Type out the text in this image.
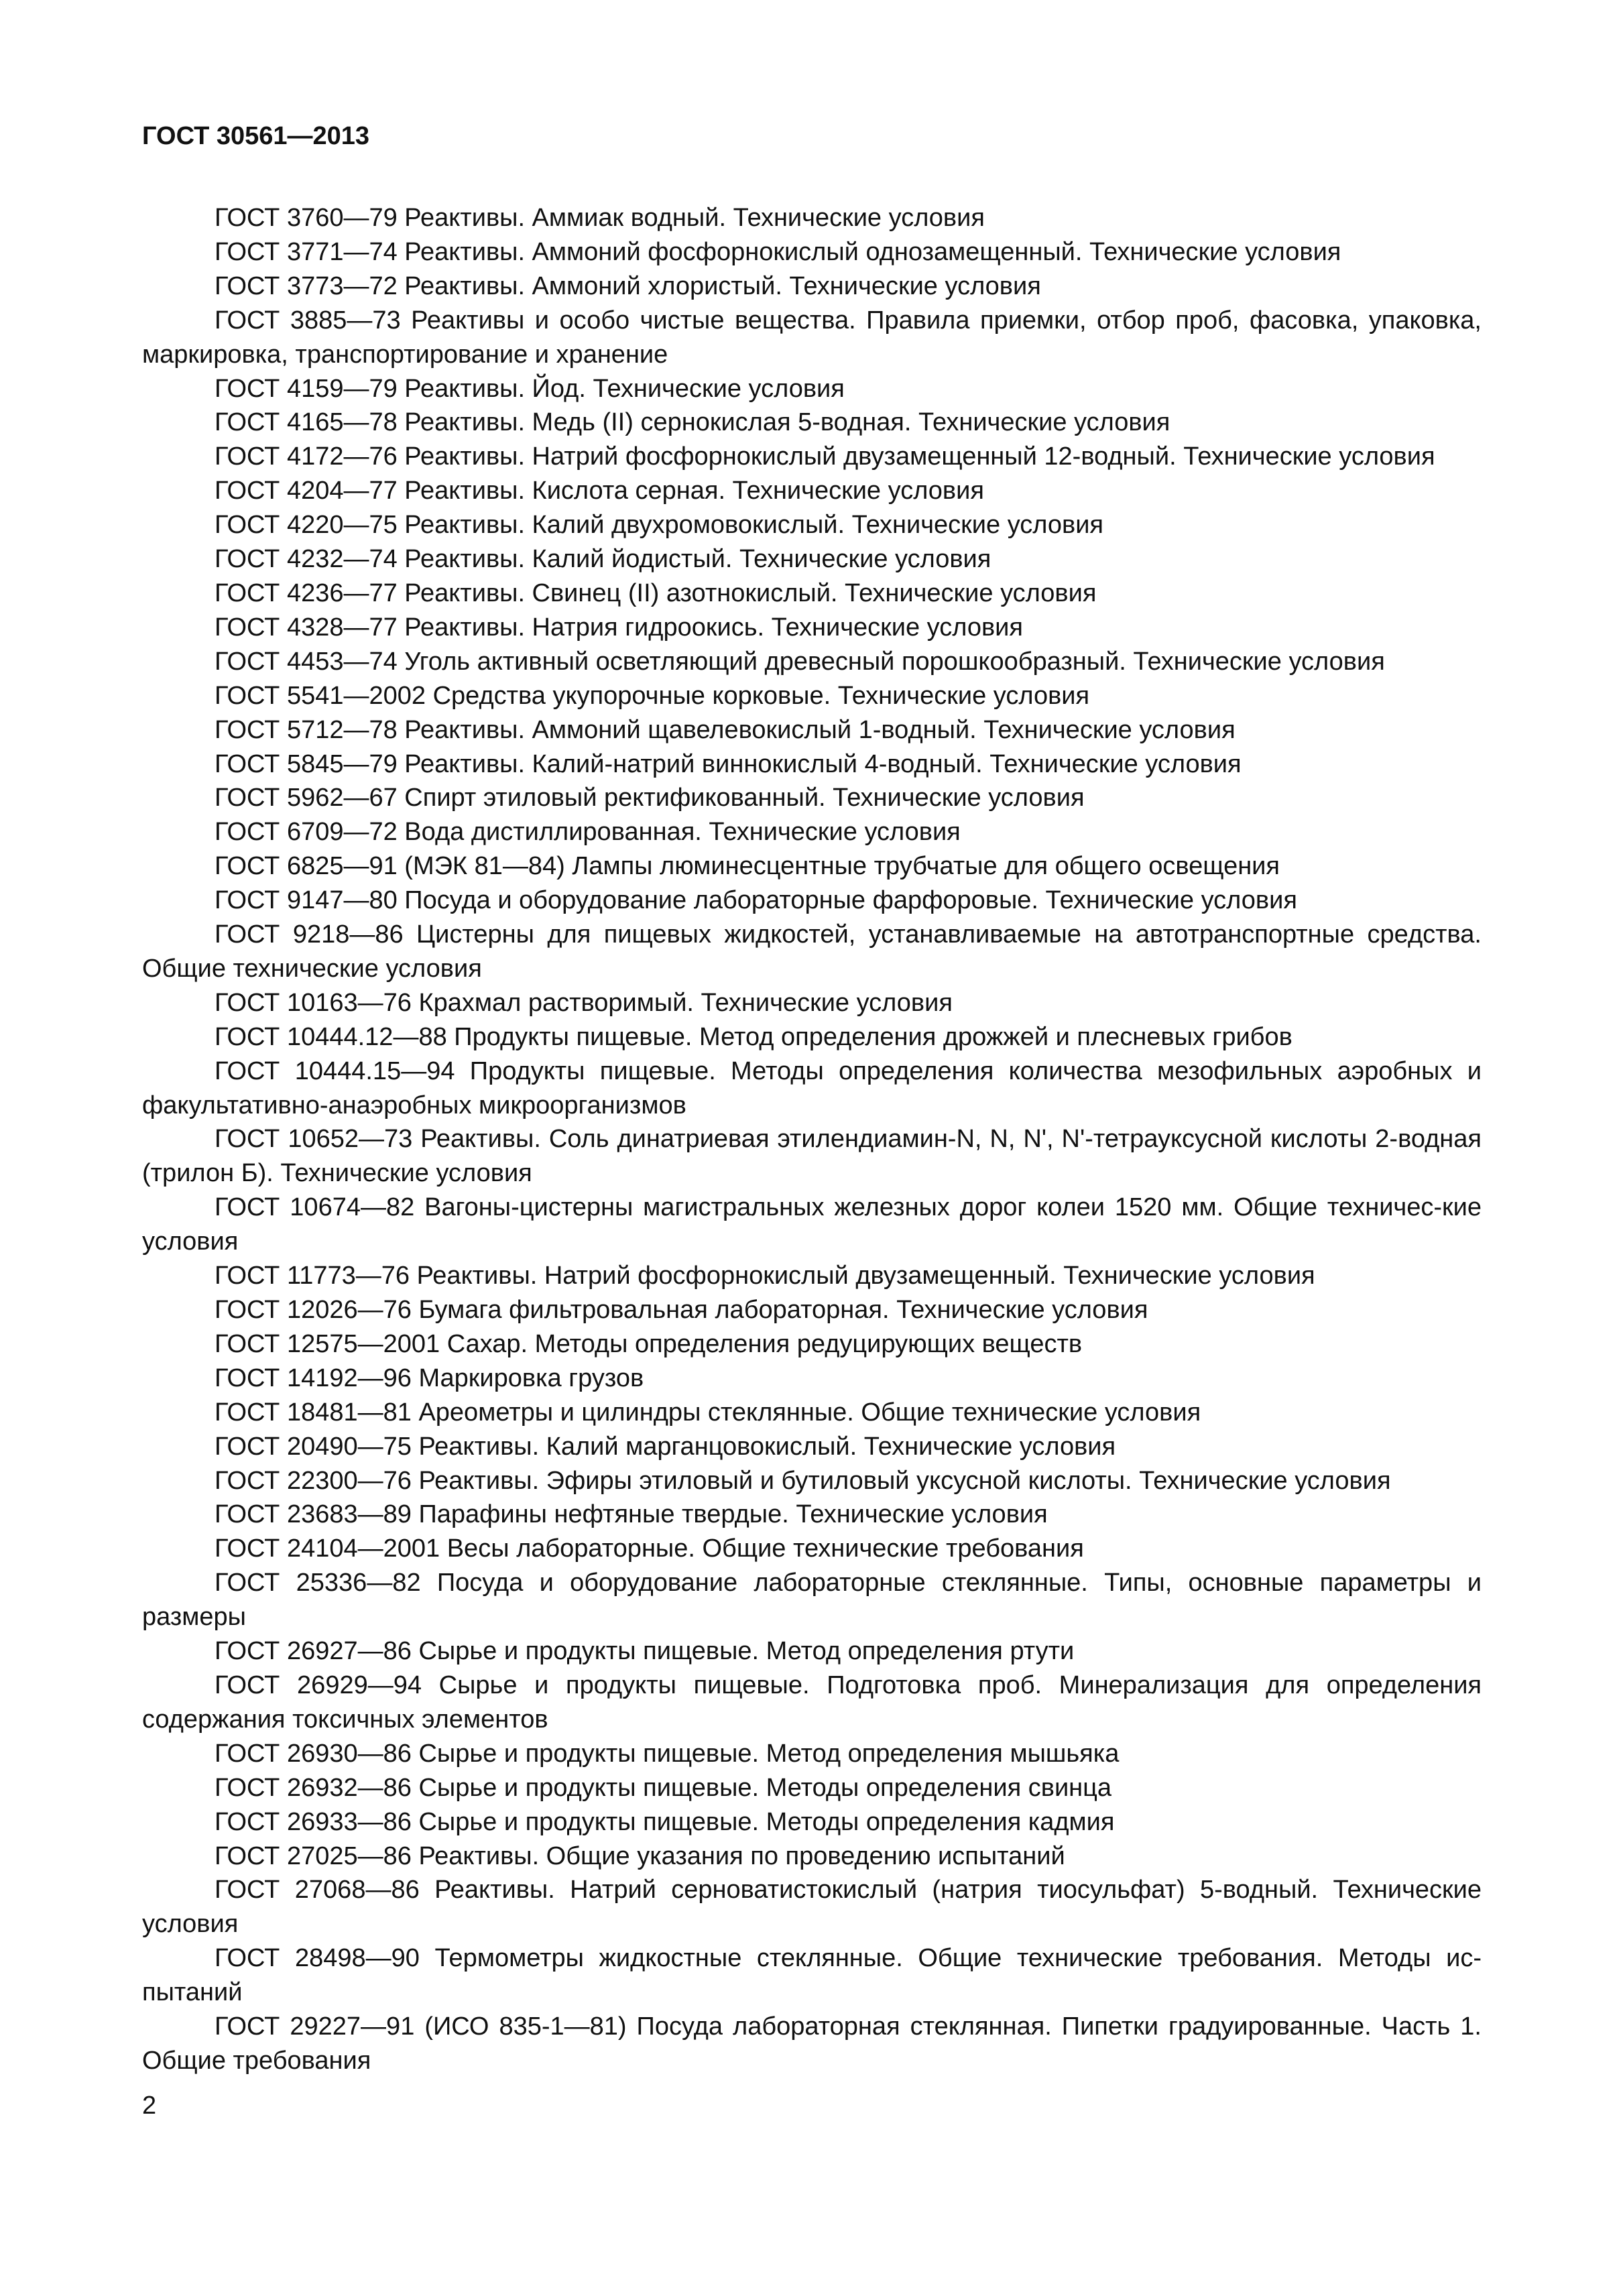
ГОСТ 30561—2013
ГОСТ 3760—79 Реактивы. Аммиак водный. Технические условия
ГОСТ 3771—74 Реактивы. Аммоний фосфорнокислый однозамещенный. Технические условия
ГОСТ 3773—72 Реактивы. Аммоний хлористый. Технические условия
ГОСТ 3885—73 Реактивы и особо чистые вещества. Правила приемки, отбор проб, фасовка, упаковка, маркировка, транспортирование и хранение
ГОСТ 4159—79 Реактивы. Йод. Технические условия
ГОСТ 4165—78 Реактивы. Медь (II) сернокислая 5-водная. Технические условия
ГОСТ 4172—76 Реактивы. Натрий фосфорнокислый двузамещенный 12-водный. Технические условия
ГОСТ 4204—77 Реактивы. Кислота серная. Технические условия
ГОСТ 4220—75 Реактивы. Калий двухромовокислый. Технические условия
ГОСТ 4232—74 Реактивы. Калий йодистый. Технические условия
ГОСТ 4236—77 Реактивы. Свинец (II) азотнокислый. Технические условия
ГОСТ 4328—77 Реактивы. Натрия гидроокись. Технические условия
ГОСТ 4453—74 Уголь активный осветляющий древесный порошкообразный. Технические условия
ГОСТ 5541—2002 Средства укупорочные корковые. Технические условия
ГОСТ 5712—78 Реактивы. Аммоний щавелевокислый 1-водный. Технические условия
ГОСТ 5845—79 Реактивы. Калий-натрий виннокислый 4-водный. Технические условия
ГОСТ 5962—67 Спирт этиловый ректификованный. Технические условия
ГОСТ 6709—72 Вода дистиллированная. Технические условия
ГОСТ 6825—91 (МЭК 81—84) Лампы люминесцентные трубчатые для общего освещения
ГОСТ 9147—80 Посуда и оборудование лабораторные фарфоровые. Технические условия
ГОСТ 9218—86 Цистерны для пищевых жидкостей, устанавливаемые на автотранспортные средства. Общие технические условия
ГОСТ 10163—76 Крахмал растворимый. Технические условия
ГОСТ 10444.12—88 Продукты пищевые. Метод определения дрожжей и плесневых грибов
ГОСТ 10444.15—94 Продукты пищевые. Методы определения количества мезофильных аэробных и факультативно-анаэробных микроорганизмов
ГОСТ 10652—73 Реактивы. Соль динатриевая этилендиамин-N, N, N', N'-тетрауксусной кислоты 2-водная (трилон Б). Технические условия
ГОСТ 10674—82 Вагоны-цистерны магистральных железных дорог колеи 1520 мм. Общие техничес-кие условия
ГОСТ 11773—76 Реактивы. Натрий фосфорнокислый двузамещенный. Технические условия
ГОСТ 12026—76 Бумага фильтровальная лабораторная. Технические условия
ГОСТ 12575—2001 Сахар. Методы определения редуцирующих веществ
ГОСТ 14192—96 Маркировка грузов
ГОСТ 18481—81 Ареометры и цилиндры стеклянные. Общие технические условия
ГОСТ 20490—75 Реактивы. Калий марганцовокислый. Технические условия
ГОСТ 22300—76 Реактивы. Эфиры этиловый и бутиловый уксусной кислоты. Технические условия
ГОСТ 23683—89 Парафины нефтяные твердые. Технические условия
ГОСТ 24104—2001 Весы лабораторные. Общие технические требования
ГОСТ 25336—82 Посуда и оборудование лабораторные стеклянные. Типы, основные параметры и размеры
ГОСТ 26927—86 Сырье и продукты пищевые. Метод определения ртути
ГОСТ 26929—94 Сырье и продукты пищевые. Подготовка проб. Минерализация для определения содержания токсичных элементов
ГОСТ 26930—86 Сырье и продукты пищевые. Метод определения мышьяка
ГОСТ 26932—86 Сырье и продукты пищевые. Методы определения свинца
ГОСТ 26933—86 Сырье и продукты пищевые. Методы определения кадмия
ГОСТ 27025—86 Реактивы. Общие указания по проведению испытаний
ГОСТ 27068—86 Реактивы. Натрий серноватистокислый (натрия тиосульфат) 5-водный. Технические условия
ГОСТ 28498—90 Термометры жидкостные стеклянные. Общие технические требования. Методы ис-пытаний
ГОСТ 29227—91 (ИСО 835-1—81) Посуда лабораторная стеклянная. Пипетки градуированные. Часть 1. Общие требования
2
